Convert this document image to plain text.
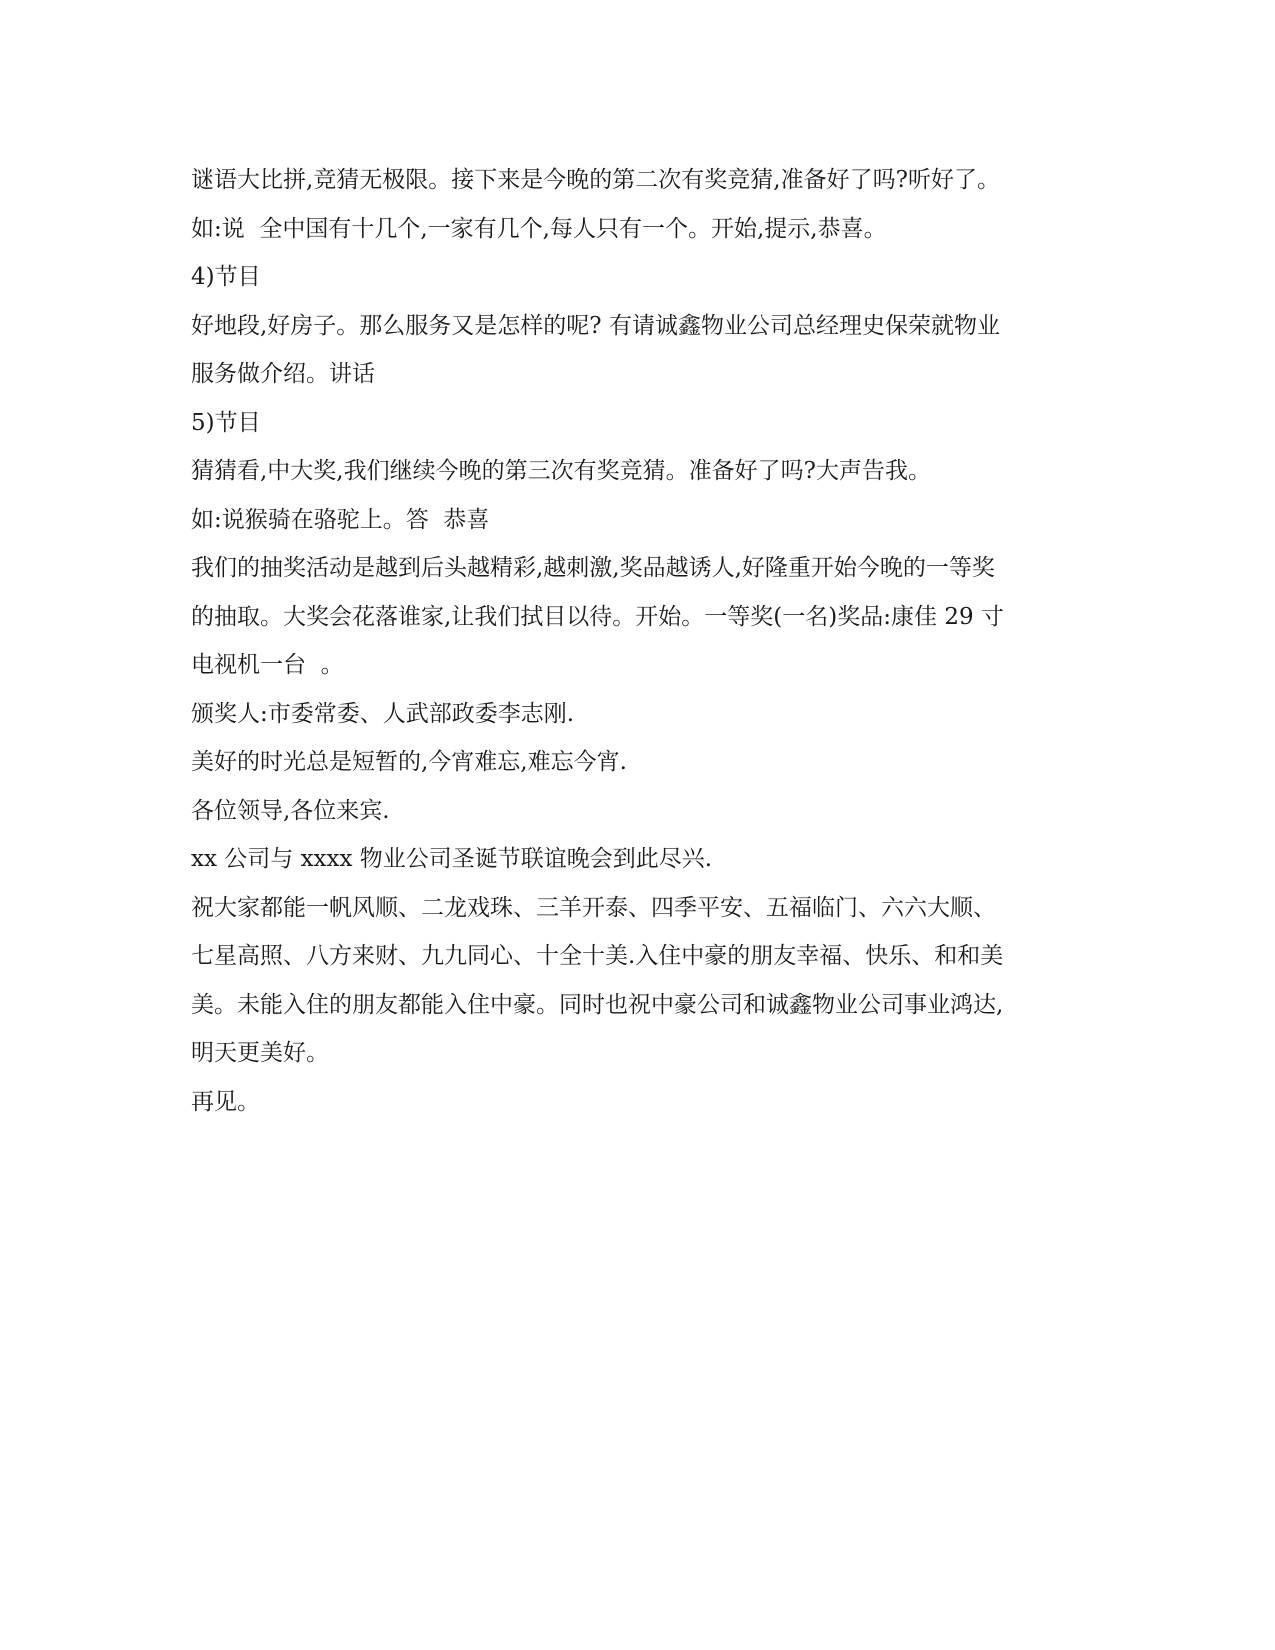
谜语大比拼,竞猜无极限。接下来是今晚的第二次有奖竞猜,准备好了吗?听好了。
如:说  全中国有十几个,一家有几个,每人只有一个。开始,提示,恭喜。
4)节目
好地段,好房子。那么服务又是怎样的呢? 有请诚鑫物业公司总经理史保荣就物业
服务做介绍。讲话
5)节目
猜猜看,中大奖,我们继续今晚的第三次有奖竞猜。准备好了吗?大声告我。
如:说猴骑在骆驼上。答  恭喜
我们的抽奖活动是越到后头越精彩,越刺激,奖品越诱人,好隆重开始今晚的一等奖
的抽取。大奖会花落谁家,让我们拭目以待。开始。一等奖(一名)奖品:康佳 29 寸
电视机一台  。
颁奖人:市委常委、人武部政委李志刚.
美好的时光总是短暂的,今宵难忘,难忘今宵.
各位领导,各位来宾.
xx 公司与 xxxx 物业公司圣诞节联谊晚会到此尽兴.
祝大家都能一帆风顺、二龙戏珠、三羊开泰、四季平安、五福临门、六六大顺、
七星高照、八方来财、九九同心、十全十美.入住中豪的朋友幸福、快乐、和和美
美。未能入住的朋友都能入住中豪。同时也祝中豪公司和诚鑫物业公司事业鸿达,
明天更美好。
再见。
